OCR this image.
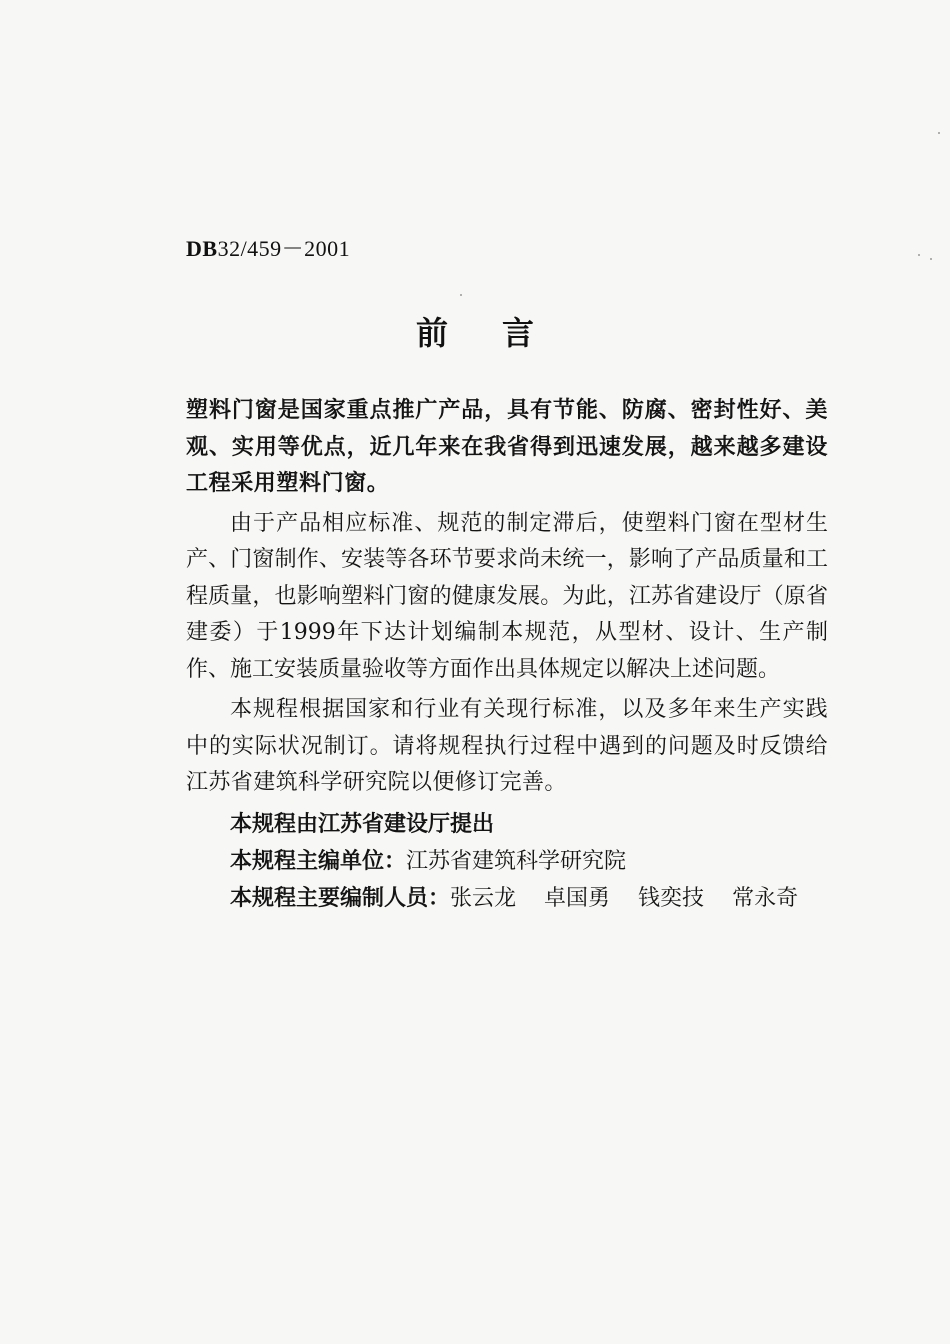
DB32/459－2001
前言

塑料门窗是国家重点推广产品，具有节能、防腐、密封性好、美观、实用等优点，近几年来在我省得到迅速发展，越来越多建设工程采用塑料门窗。

由于产品相应标准、规范的制定滞后，使塑料门窗在型材生产、门窗制作、安装等各环节要求尚未统一，影响了产品质量和工程质量，也影响塑料门窗的健康发展。为此，江苏省建设厅（原省建委）于1999年下达计划编制本规范，从型材、设计、生产制作、施工安装质量验收等方面作出具体规定以解决上述问题。

本规程根据国家和行业有关现行标准，以及多年来生产实践中的实际状况制订。请将规程执行过程中遇到的问题及时反馈给江苏省建筑科学研究院以便修订完善。

本规程由江苏省建设厅提出

本规程主编单位：江苏省建筑科学研究院

本规程主要编制人员：张云龙 卓国勇 钱奕技 常永奇
